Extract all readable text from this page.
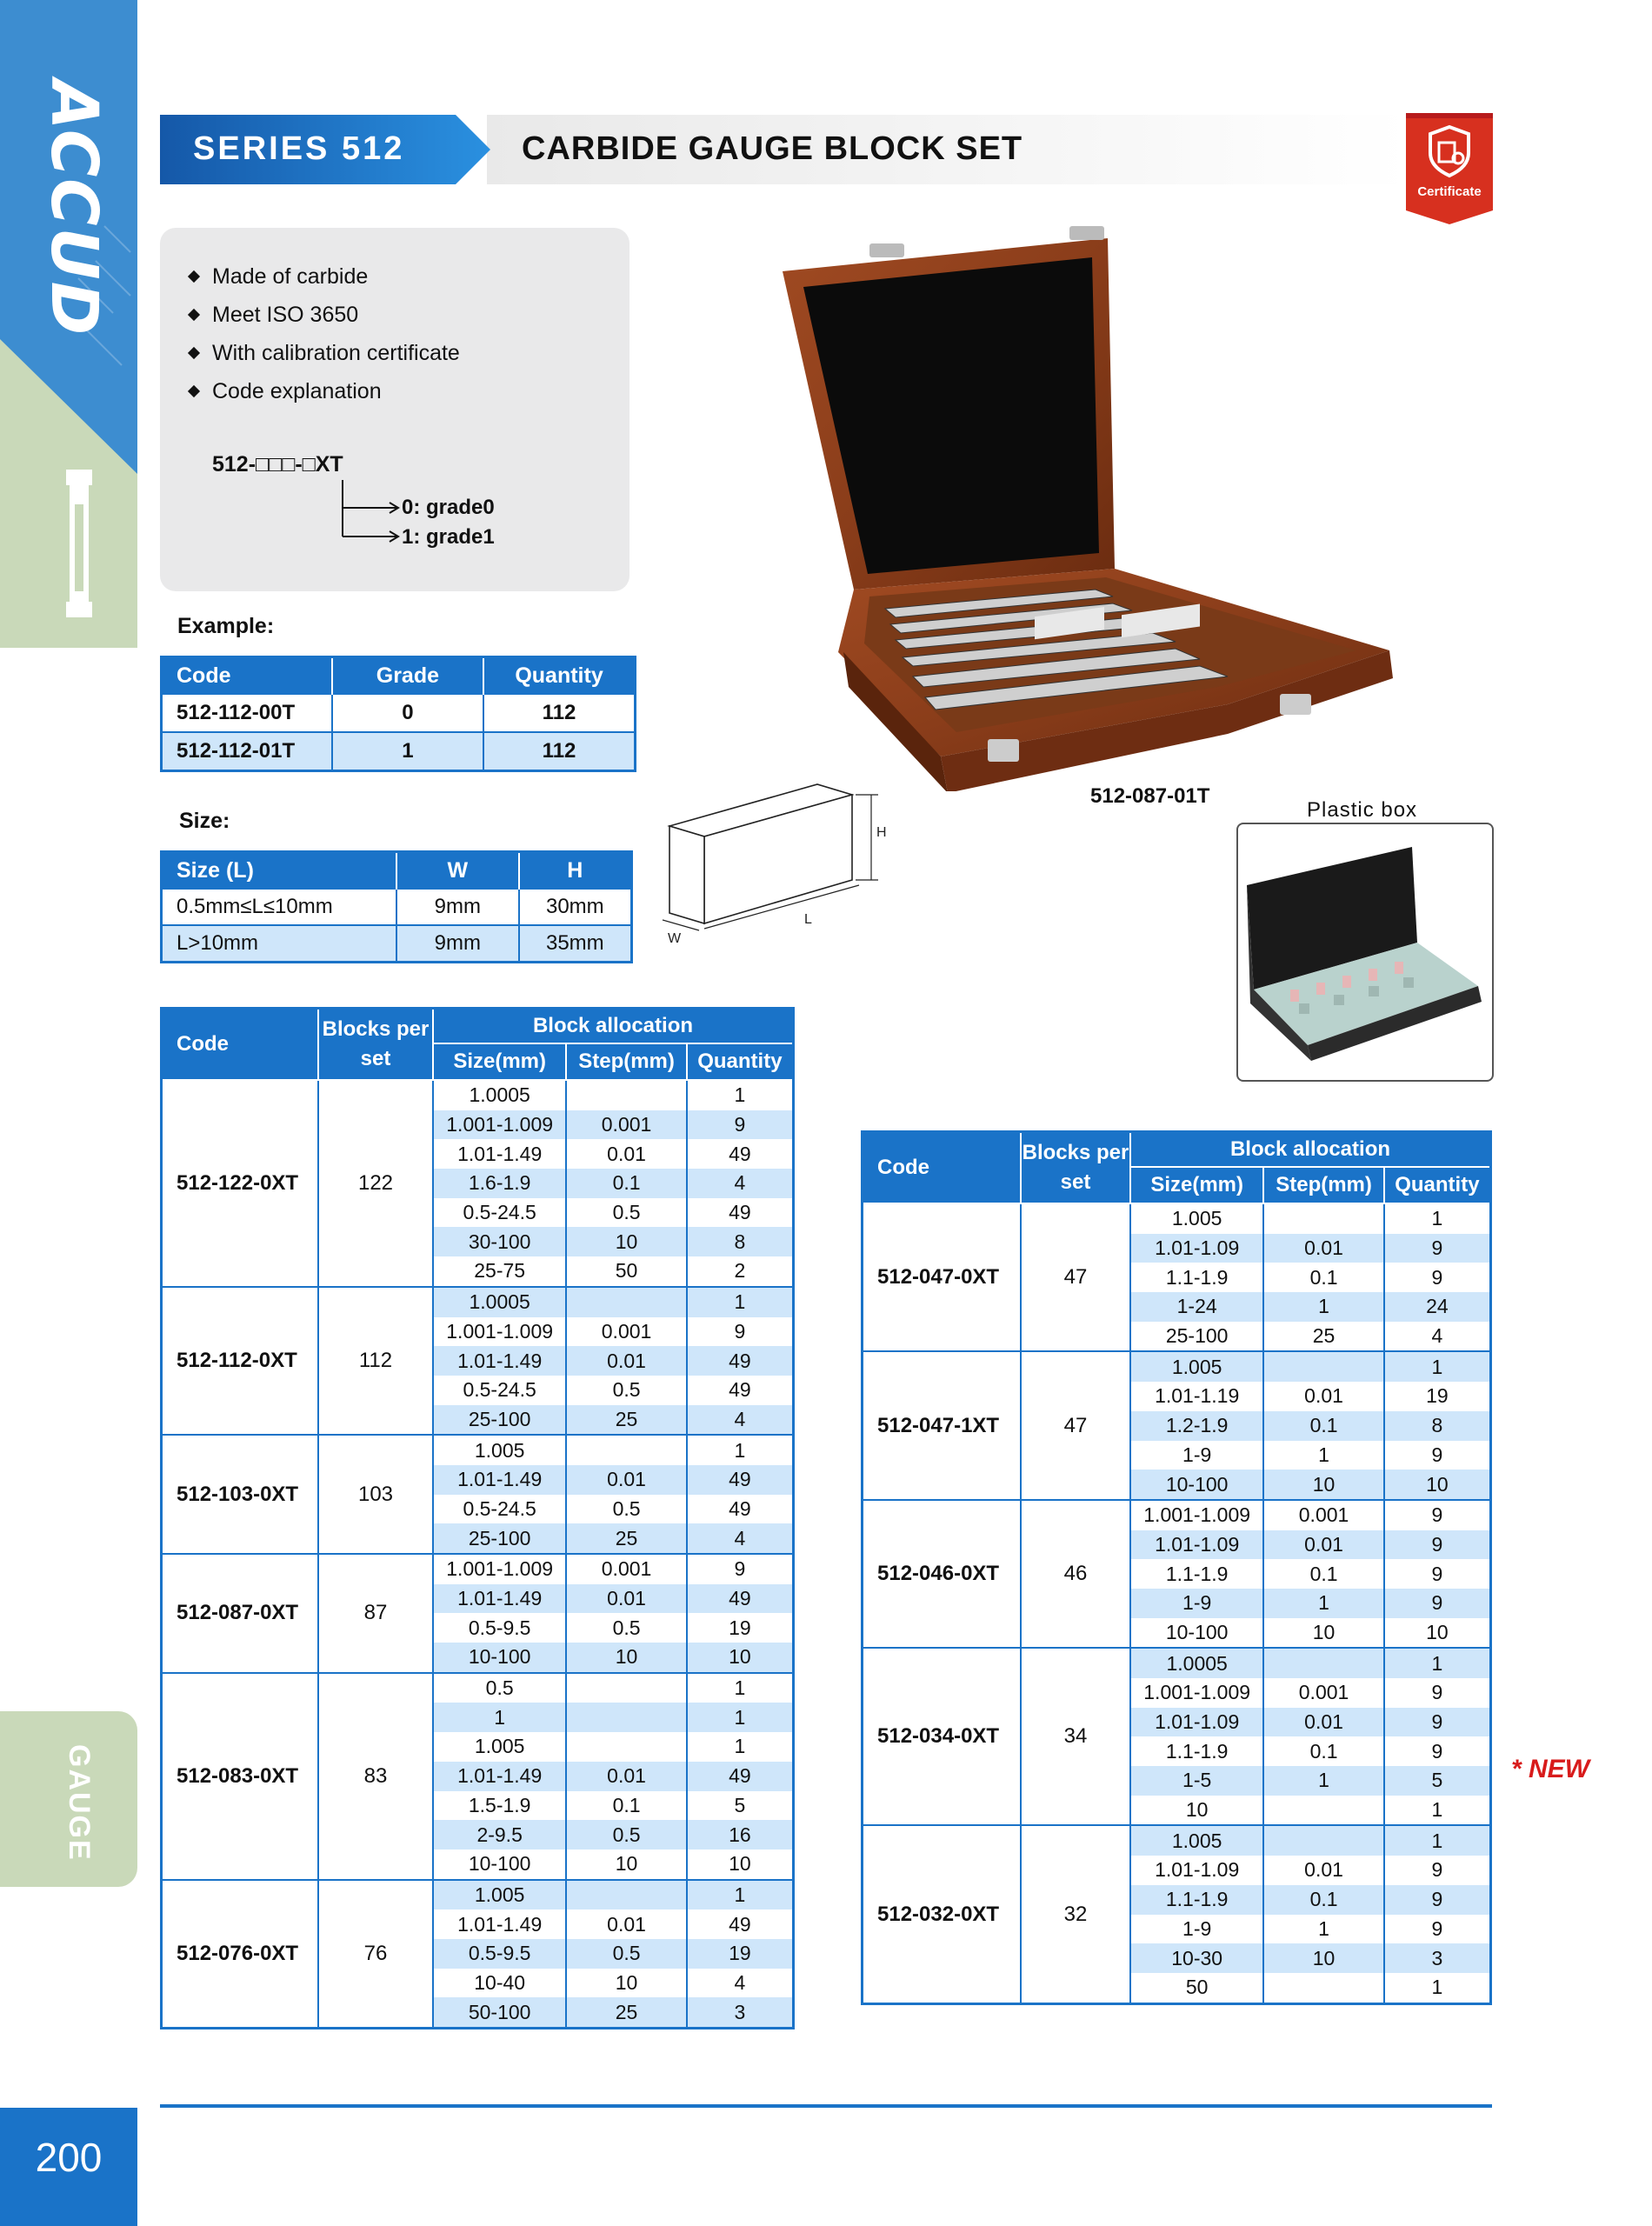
ACCUD
GAUGE
200
CARBIDE GAUGE BLOCK SET
SERIES 512
Certificate
Made of carbide
Meet ISO 3650
With calibration certificate
Code explanation
512-□□□-□XT
0: grade0
1: grade1
Example:
Code	Grade	Quantity
512-112-00T	0	112
512-112-01T	1	112
Size:
Size (L)	W	H
0.5mm≤L≤10mm	9mm	30mm
L>10mm	9mm	35mm
H
L
W
512-087-01T
Plastic box
Code	Blocks per set	Block allocation		
		Size(mm)	Step(mm)	Quantity
512-122-0XT	122	1.0005		1
		1.001-1.009	0.001	9
		1.01-1.49	0.01	49
		1.6-1.9	0.1	4
		0.5-24.5	0.5	49
		30-100	10	8
		25-75	50	2
512-112-0XT	112	1.0005		1
		1.001-1.009	0.001	9
		1.01-1.49	0.01	49
		0.5-24.5	0.5	49
		25-100	25	4
512-103-0XT	103	1.005		1
		1.01-1.49	0.01	49
		0.5-24.5	0.5	49
		25-100	25	4
512-087-0XT	87	1.001-1.009	0.001	9
		1.01-1.49	0.01	49
		0.5-9.5	0.5	19
		10-100	10	10
512-083-0XT	83	0.5		1
		1		1
		1.005		1
		1.01-1.49	0.01	49
		1.5-1.9	0.1	5
		2-9.5	0.5	16
		10-100	10	10
512-076-0XT	76	1.005		1
		1.01-1.49	0.01	49
		0.5-9.5	0.5	19
		10-40	10	4
		50-100	25	3
Code	Blocks per set	Block allocation		
		Size(mm)	Step(mm)	Quantity
512-047-0XT	47	1.005		1
		1.01-1.09	0.01	9
		1.1-1.9	0.1	9
		1-24	1	24
		25-100	25	4
512-047-1XT	47	1.005		1
		1.01-1.19	0.01	19
		1.2-1.9	0.1	8
		1-9	1	9
		10-100	10	10
512-046-0XT	46	1.001-1.009	0.001	9
		1.01-1.09	0.01	9
		1.1-1.9	0.1	9
		1-9	1	9
		10-100	10	10
512-034-0XT	34	1.0005		1
		1.001-1.009	0.001	9
		1.01-1.09	0.01	9
		1.1-1.9	0.1	9
		1-5	1	5
		10		1
512-032-0XT	32	1.005		1
		1.01-1.09	0.01	9
		1.1-1.9	0.1	9
		1-9	1	9
		10-30	10	3
		50		1
* NEW
